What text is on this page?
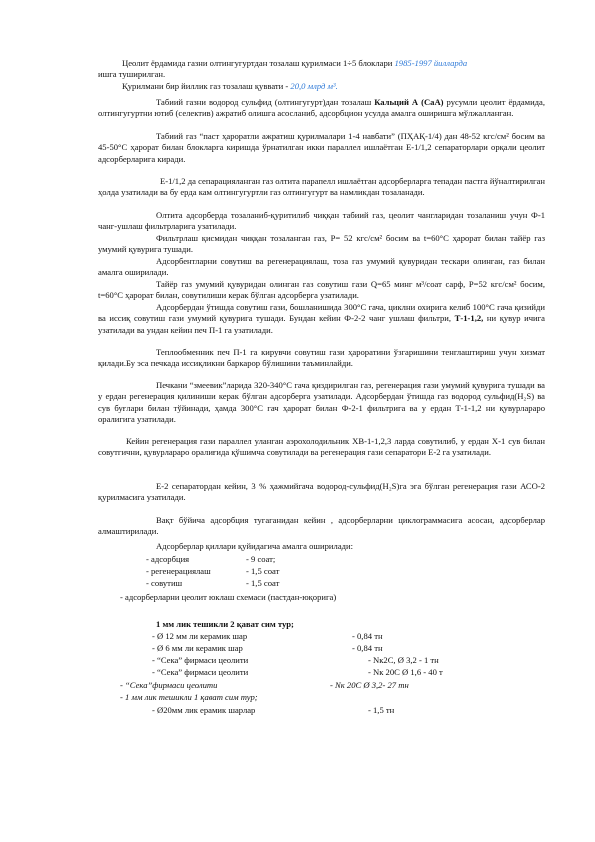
Цеолит ёрдамида газни олтингугуртдан тозалаш қурилмаси 1÷5 блоклари 1985-1997 йилларда
ишга туширилган.

Қурилмани бир йиллик газ тозалаш қуввати - 20,0 млрд м³.

Табиий газни водород сульфид (олтингугурт)дан тозалаш Кальций А (СаА) русумли цеолит ёрдамида, олтингугуртни ютиб (селектив) ажратиб олишга асосланиб, адсорбцион усулда амалга оширишга мўлжалланган.

Табиий газ “паст ҳароратли ажратиш қурилмалари 1-4 навбати” (ПҲАҚ-1/4) дан 48-52 кгс/см² босим ва 45-50°С ҳарорат билан блокларга киришда ўрнатилган икки параллел ишлаётган Е-1/1,2 сепараторлари орқали цеолит адсорберларига киради.

Е-1/1,2 да сепарацияланган газ олтита парапелл ишлаётган адсорберларга тепадан пастга йўналтирилган ҳолда узатилади ва бу ерда кам олтингугуртли газ олтингугурт ва намликдан тозаланади.

Олтита адсорберда тозаланиб-қуритилиб чиққан табиий газ, цеолит чангларидан тозаланиш учун Ф-1 чанг-ушлаш фильтрларига узатилади.

Фильтрлаш қисмидан чиққан тозаланган газ, Р= 52 кгс/см² босим ва t=60°С ҳарорат билан тайёр газ умумий қувурига тушади.

Адсорбентларни совутиш ва регенерациялаш, тоза газ умумий қувуридан тескари олинган, газ билан амалга оширилади.

Тайёр газ умумий қувуридан олинган газ совутиш гази Q=65 минг м³/соат сарф, Р=52 кгс/см² босим, t=60°С ҳарорат билан, совутилиши керак бўлган адсорберга узатилади.

Адсорбердан ўтишда совутиш гази, бошланишида 300°С гача, циклни охирига келиб 100°С гача қизийди ва иссиқ совутиш гази умумий қувурига тушади. Бундан кейин Ф-2-2 чанг ушлаш фильтри, Т-1-1,2, ни қувур ичига узатилади ва ундан кейин печ П-1 га узатилади.

Теплообменник печ П-1 га кирувчи совутиш гази ҳароратини ўзгаришини тенглаштириш учун хизмат қилади.Бу эса печкада иссиқликни баркарор бўлишини таъминлайди.

Печкани “змеевик”ларида 320-340°С гача қиздирилган газ, регенерация гази умумий қувурига тушади ва у ердан регенерация қилиниши керак бўлган адсорберга узатилади. Адсорбердан ўтишда газ водород сульфид(Н₂S) ва сув буғлари билан тўйинади, ҳамда 300°С гач ҳарорат билан Ф-2-1 фильтрига ва у ердан Т-1-1,2 ни қувурлараро оралигига узатилади.

Кейин регенерация гази параллел уланган аэрохолодильник ХВ-1-1,2,3 ларда совутилиб, у ердан Х-1 сув билан совутгични, қувурлараро оралиғида қўшимча совутилади ва регенерация гази сепаратори Е-2 га узатилади.

Е-2 сепаратордан кейин, 3 % ҳажмийгача водород-сульфид(Н₂S)га эга бўлган регенерация гази АСО-2 қурилмасига узатилади.

Вақт бўйича адсорбция тугаганидан кейин , адсорберларни циклограммасига асосан, адсорберлар алмаштирилади.

Адсорберлар қиллари қуйидагича амалга оширилади:

- адсорбция	- 9 соат;
- регенерациялаш	- 1,5 соат
- совутиш	- 1,5 соат
- адсорберларни цеолит юклаш схемаси (пастдан-юқорига)
1 мм лик тешикли 2 қават сим тур;
- Ø 12 мм ли керамик шар	- 0,84 тн
- Ø 6 мм ли керамик шар	- 0,84 тн
- “Сека” фирмаси цеолити	- Nк2С, Ø 3,2 - 1 тн
- “Сека” фирмаси цеолити	- Nк 20С Ø 1,6 - 40 т
- “Сека”фирмаси цеолити	- Nк 20С Ø 3,2- 27 тн
- 1 мм лик тешикли 1 қават сим тур;
- Ø20мм лик ерамик шарлар	- 1,5 тн
